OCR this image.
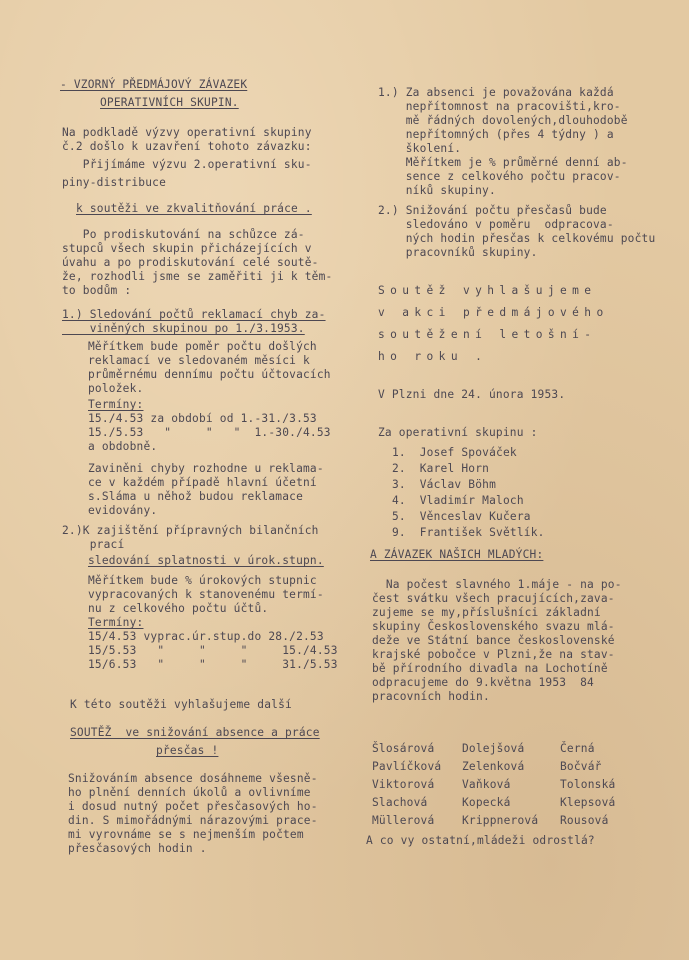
- VZORNÝ PŘEDMÁJOVÝ ZÁVAZEK
OPERATIVNÍCH SKUPIN.
Na podkladě výzvy operativní skupiny
č.2 došlo k uzavření tohoto závazku:
Přijímáme výzvu 2.operativní sku-
piny-distribuce
k soutěži ve zkvalitňování práce .
Po prodiskutování na schůzce zá-
stupců všech skupin přicházejících v
úvahu a po prodiskutování celé soutě-
že, rozhodli jsme se zaměřiti ji k těm-
to bodům :
1.) Sledování počtů reklamací chyb za-
viněných skupinou po 1./3.1953.
Měřítkem bude poměr počtu došlých
reklamací ve sledovaném měsíci k
průměrnému dennímu počtu účtovacích
položek.
Termíny:
15./4.53 za období od 1.-31./3.53
15./5.53   "     "   "  1.-30./4.53
a obdobně.
Zaviněni chyby rozhodne u reklama-
ce v každém případě hlavní účetní
s.Sláma u něhož budou reklamace
evidovány.
2.)K zajištění přípravných bilančních
prací
sledování splatnosti v úrok.stupn.
Měřítkem bude % úrokových stupnic
vypracovaných k stanovenému termí-
nu z celkového počtu účtů.
Termíny:
15/4.53 vyprac.úr.stup.do 28./2.53
15/5.53   "     "     "     15./4.53
15/6.53   "     "     "     31./5.53
K této soutěži vyhlašujeme další
SOUTĚŽ  ve snižování absence a práce
přesčas !
Snižováním absence dosáhneme všesně-
ho plnění denních úkolů a ovlivníme
i dosud nutný počet přesčasových ho-
din. S mimořádnými nárazovými prace-
mi vyrovnáme se s nejmenším počtem
přesčasových hodin .
1.) Za absenci je považována každá
nepřítomnost na pracovišti,kro-
mě řádných dovolených,dlouhodobě
nepřítomných (přes 4 týdny ) a
školení.
Měřítkem je % průměrné denní ab-
sence z celkového počtu pracov-
níků skupiny.
2.) Snižování počtu přesčasů bude
sledováno v poměru  odpracova-
ných hodin přesčas k celkovému počtu
pracovníků skupiny.
Soutěž vyhlašujeme
v akci předmájového
soutěžení letošní-
ho roku .
V Plzni dne 24. února 1953.
Za operativní skupinu :
1.  Josef Spováček
2.  Karel Horn
3.  Václav Böhm
4.  Vladimír Maloch
5.  Věnceslav Kučera
9.  František Světlík.
A ZÁVAZEK NAŠICH MLADÝCH:
Na počest slavného 1.máje - na po-
čest svátku všech pracujících,zava-
zujeme se my,příslušníci základní
skupiny Československého svazu mlá-
deže ve Státní bance československé
krajské pobočce v Plzni,že na stav-
bě přírodního divadla na Lochotíně
odpracujeme do 9.května 1953  84
pracovních hodin.
Šlosárová
Pavlíčková
Viktorová
Slachová
Müllerová
Dolejšová
Zelenková
Vaňková
Kopecká
Krippnerová
Černá
Bočvář
Tolonská
Klepsová
Rousová
A co vy ostatní,mládeži odrostlá?
